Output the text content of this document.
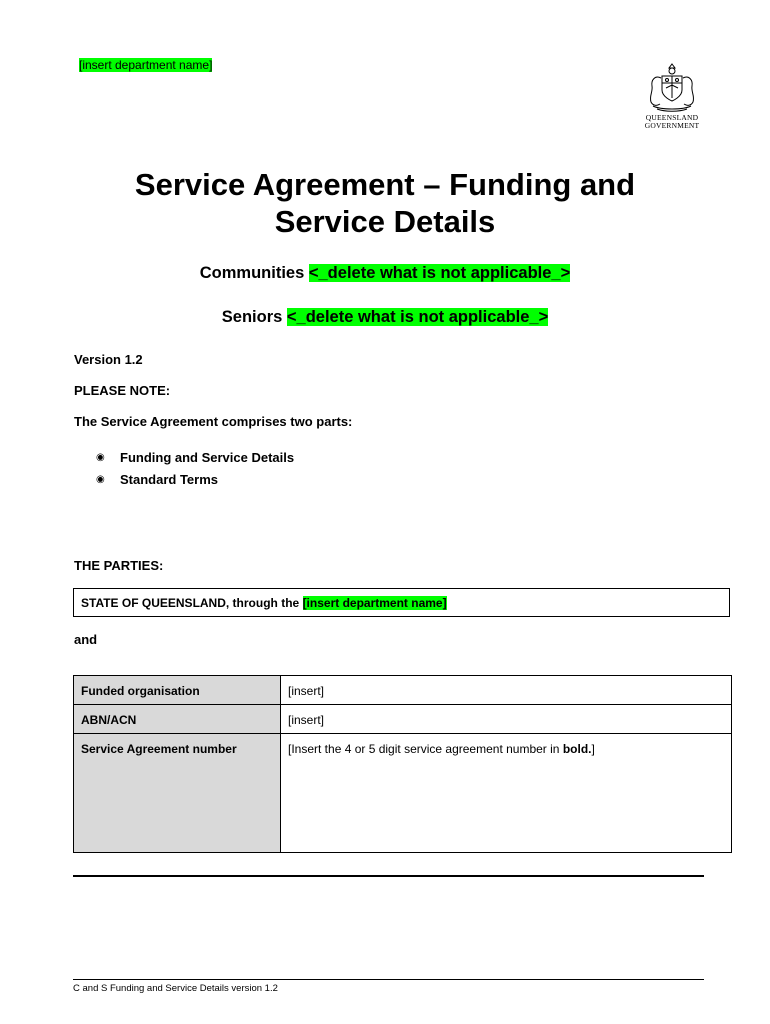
[insert department name]
QUEENSLAND
GOVERNMENT
Service Agreement – Funding and
Service Details
Communities <_delete what is not applicable_>
Seniors <_delete what is not applicable_>
Version 1.2
PLEASE NOTE:
The Service Agreement comprises two parts:
◉ Funding and Service Details
◉ Standard Terms
THE PARTIES:
STATE OF QUEENSLAND, through the [insert department name]
and
Funded organisation	[insert]
ABN/ACN	[insert]
Service Agreement number	[Insert the 4 or 5 digit service agreement number in bold.]
C and S Funding and Service Details version 1.2
